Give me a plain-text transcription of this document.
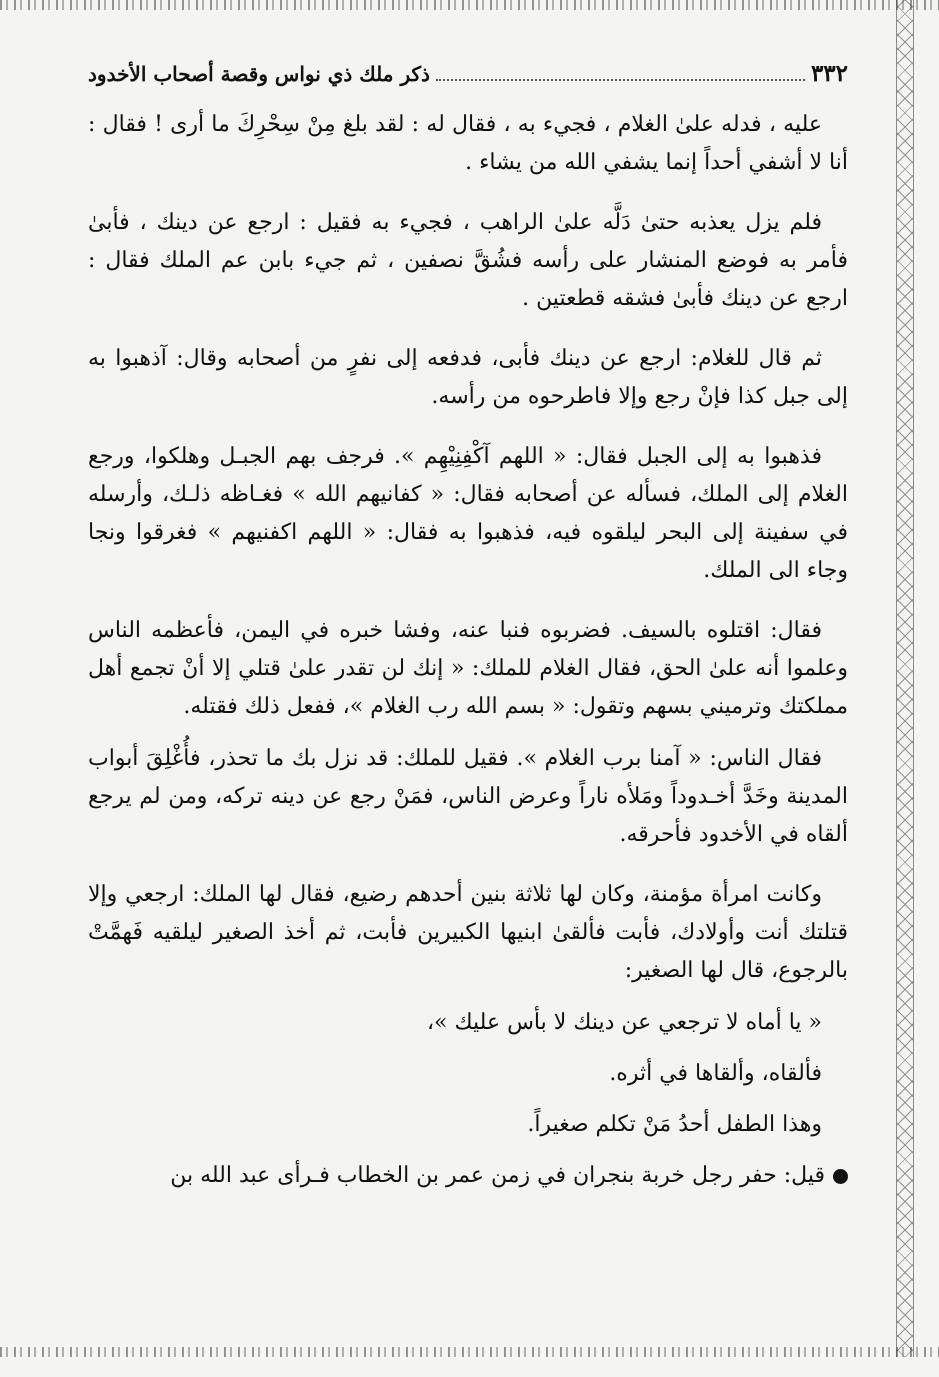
٣٣٢
ذكر ملك ذي نواس وقصة أصحاب الأخدود

عليه ، فدله علىٰ الغلام ، فجيء به ، فقال له : لقد بلغ مِنْ سِحْرِكَ ما أرى ! فقال : أنا لا أشفي أحداً إنما يشفي الله من يشاء .

فلم يزل يعذبه حتىٰ دَلَّه علىٰ الراهب ، فجيء به فقيل : ارجع عن دينك ، فأبىٰ فأمر به فوضع المنشار على رأسه فشُقَّ نصفين ، ثم جيء بابن عم الملك فقال : ارجع عن دينك فأبىٰ فشقه قطعتين .

ثم قال للغلام: ارجع عن دينك فأبى، فدفعه إلى نفرٍ من أصحابه وقال: آذهبوا به إلى جبل كذا فإنْ رجع وإلا فاطرحوه من رأسه.

فذهبوا به إلى الجبل فقال: « اللهم آكْفِنِيْهِم ». فرجف بهم الجبـل وهلكوا، ورجع الغلام إلى الملك، فسأله عن أصحابه فقال: « كفانيهم الله » فغـاظه ذلـك، وأرسله في سفينة إلى البحر ليلقوه فيه، فذهبوا به فقال: « اللهم اكفنيهم » فغرقوا ونجا وجاء الى الملك.

فقال: اقتلوه بالسيف. فضربوه فنبا عنه، وفشا خبره في اليمن، فأعظمه الناس وعلموا أنه علىٰ الحق، فقال الغلام للملك: « إنك لن تقدر علىٰ قتلي إلا أنْ تجمع أهل مملكتك وترميني بسهم وتقول: « بسم الله رب الغلام »، ففعل ذلك فقتله.

فقال الناس: « آمنا برب الغلام ». فقيل للملك: قد نزل بك ما تحذر، فأُغْلِقَ أبواب المدينة وخَدَّ أخـدوداً ومَلأه ناراً وعرض الناس، فمَنْ رجع عن دينه تركه، ومن لم يرجع ألقاه في الأخدود فأحرقه.

وكانت امرأة مؤمنة، وكان لها ثلاثة بنين أحدهم رضيع، فقال لها الملك: ارجعي وإلا قتلتك أنت وأولادك، فأبت فألقىٰ ابنيها الكبيرين فأبت، ثم أخذ الصغير ليلقيه فَهمَّتْ بالرجوع، قال لها الصغير:

« يا أماه لا ترجعي عن دينك لا بأس عليك »،

فألقاه، وألقاها في أثره.

وهذا الطفل أحدُ مَنْ تكلم صغيراً.

قيل: حفر رجل خربة بنجران في زمن عمر بن الخطاب فـرأى عبد الله بن
